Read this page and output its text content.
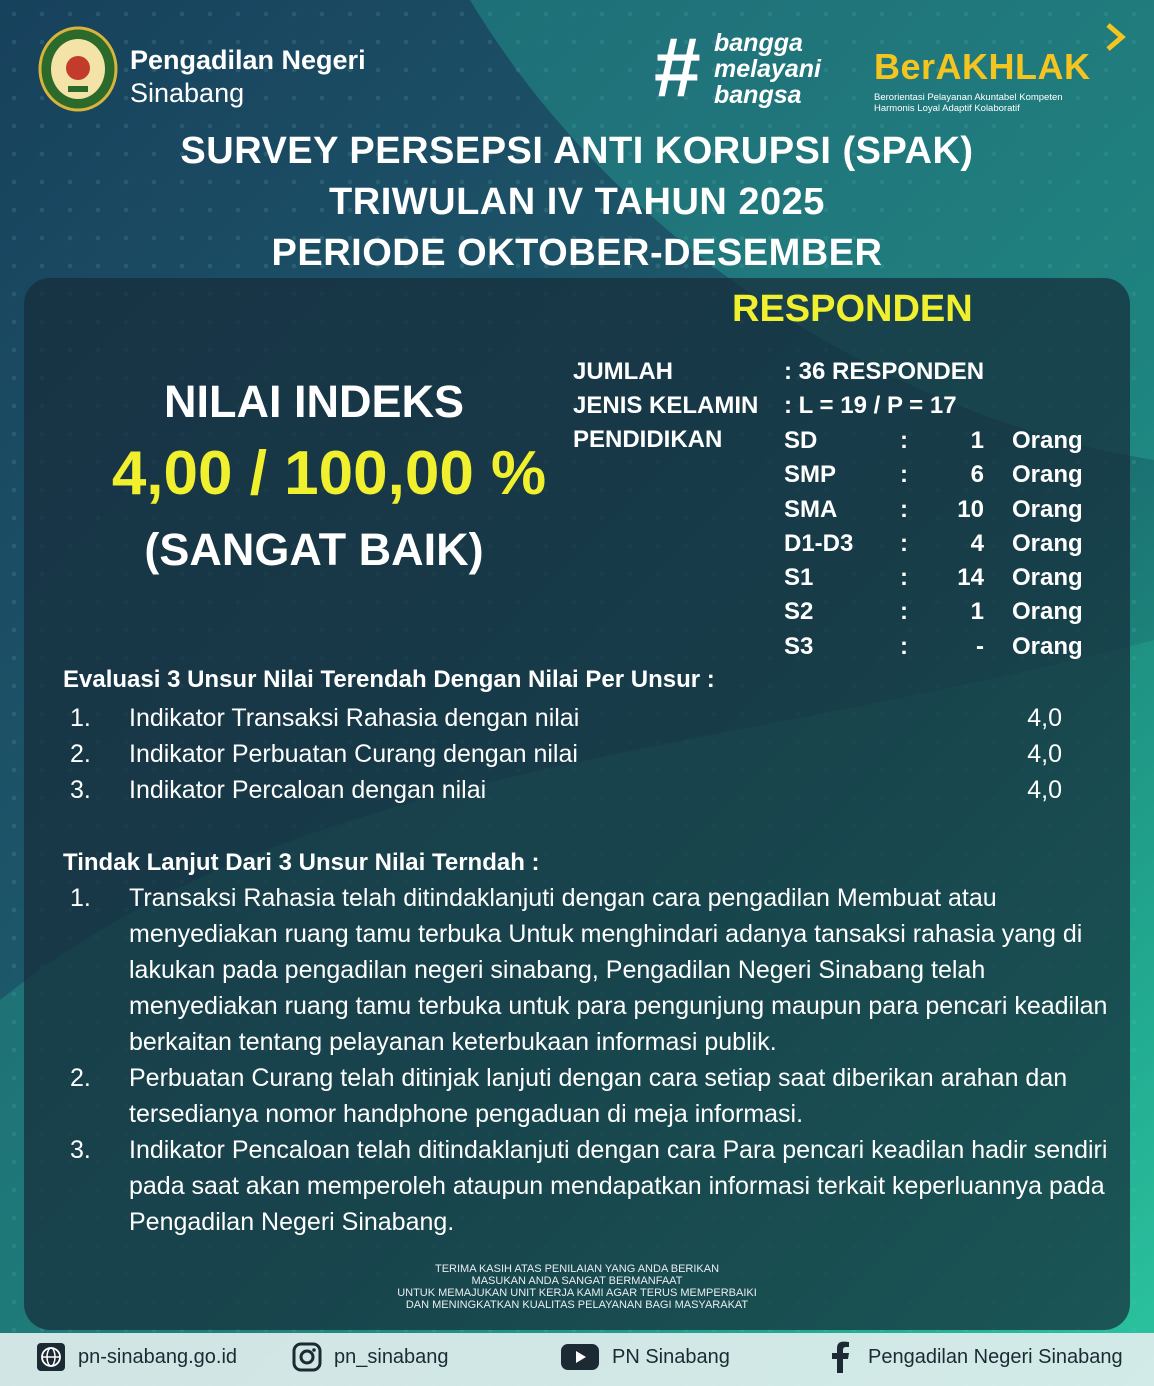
Pengadilan Negeri
Sinabang	# bangga
melayani
bangsa
BerAKHLAK
Berorientasi Pelayanan Akuntabel Kompeten
Harmonis Loyal Adaptif Kolaboratif
SURVEY PERSEPSI ANTI KORUPSI (SPAK)
TRIWULAN IV TAHUN 2025
PERIODE OKTOBER-DESEMBER
RESPONDEN
NILAI INDEKS
4,00 / 100,00 %
(SANGAT BAIK)
JUMLAH	: 36 RESPONDEN
JENIS KELAMIN : L = 19 / P = 17
PENDIDIKAN	SD	:	1 Orang
SMP	:	6 Orang
SMA	:	10 Orang
D1-D3 :	4 Orang
S1	:	14 Orang
S2	:	1 Orang
S3	:	- Orang
Evaluasi 3 Unsur Nilai Terendah Dengan Nilai Per Unsur :
1. Indikator Transaksi Rahasia dengan nilai	4,0
2. Indikator Perbuatan Curang dengan nilai	4,0
3. Indikator Percaloan dengan nilai	4,0
Tindak Lanjut Dari 3 Unsur Nilai Terndah :
1. Transaksi Rahasia telah ditindaklanjuti dengan cara pengadilan Membuat atau menyediakan ruang tamu terbuka Untuk menghindari adanya tansaksi rahasia yang di lakukan pada pengadilan negeri sinabang, Pengadilan Negeri Sinabang telah menyediakan ruang tamu terbuka untuk para pengunjung maupun para pencari keadilan berkaitan tentang pelayanan keterbukaan informasi publik.
2. Perbuatan Curang telah ditinjak lanjuti dengan cara setiap saat diberikan arahan dan tersedianya nomor handphone pengaduan di meja informasi.
3. Indikator Pencaloan telah ditindaklanjuti dengan cara Para pencari keadilan hadir sendiri pada saat akan memperoleh ataupun mendapatkan informasi terkait keperluannya pada Pengadilan Negeri Sinabang.
TERIMA KASIH ATAS PENILAIAN YANG ANDA BERIKAN
MASUKAN ANDA SANGAT BERMANFAAT
UNTUK MEMAJUKAN UNIT KERJA KAMI AGAR TERUS MEMPERBAIKI
DAN MENINGKATKAN KUALITAS PELAYANAN BAGI MASYARAKAT
pn-sinabang.go.id	pn_sinabang	PN Sinabang	Pengadilan Negeri Sinabang
